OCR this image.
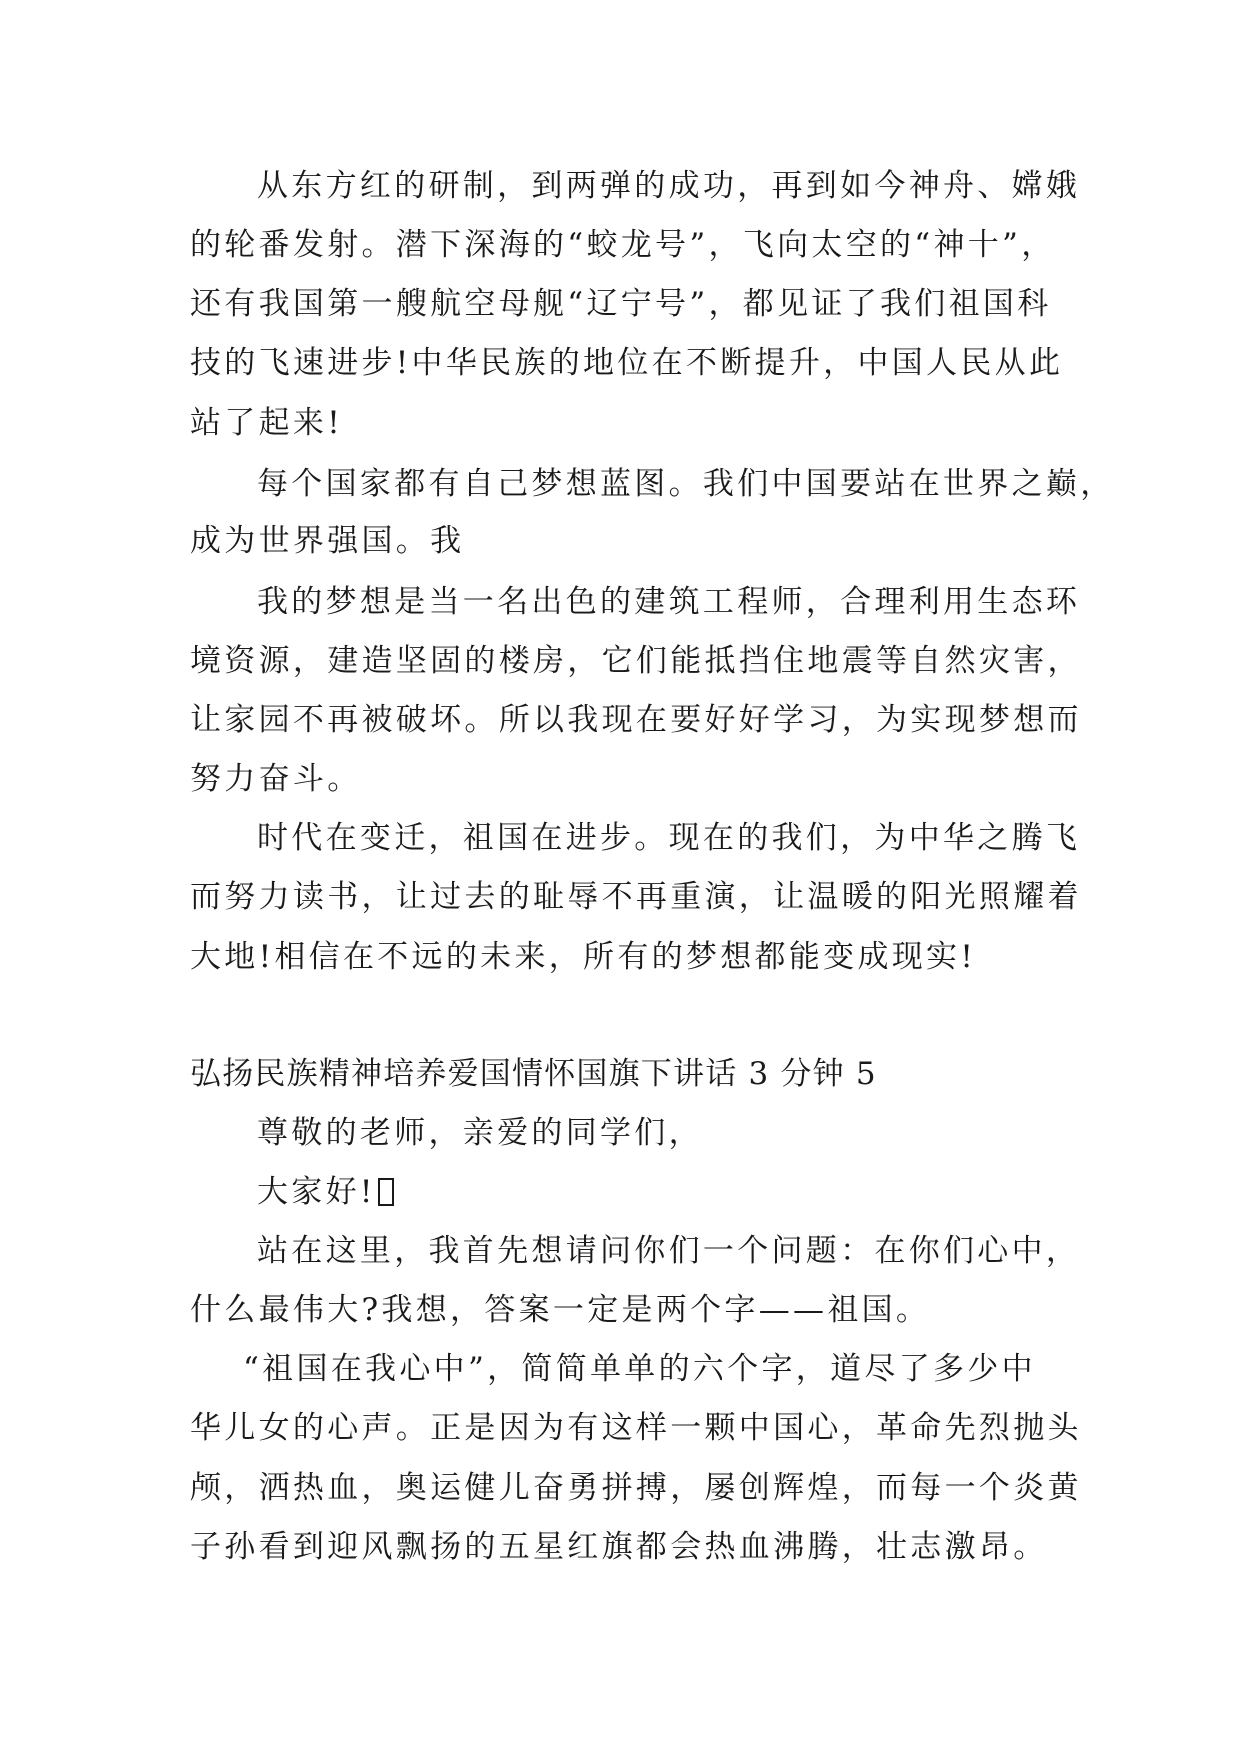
从东方红的研制，到两弹的成功，再到如今神舟、嫦娥
的轮番发射。潜下深海的“蛟龙号”，飞向太空的“神十”，
还有我国第一艘航空母舰“辽宁号”，都见证了我们祖国科
技的飞速进步!中华民族的地位在不断提升，中国人民从此
站了起来!
每个国家都有自己梦想蓝图。我们中国要站在世界之巅，
成为世界强国。我
我的梦想是当一名出色的建筑工程师，合理利用生态环
境资源，建造坚固的楼房，它们能抵挡住地震等自然灾害，
让家园不再被破坏。所以我现在要好好学习，为实现梦想而
努力奋斗。
时代在变迁，祖国在进步。现在的我们，为中华之腾飞
而努力读书，让过去的耻辱不再重演，让温暖的阳光照耀着
大地!相信在不远的未来，所有的梦想都能变成现实!
弘扬民族精神培养爱国情怀国旗下讲话 3 分钟 5
尊敬的老师，亲爱的同学们，
大家好!
站在这里，我首先想请问你们一个问题：在你们心中，
什么最伟大?我想，答案一定是两个字——祖国。
“祖国在我心中”，简简单单的六个字，道尽了多少中
华儿女的心声。正是因为有这样一颗中国心，革命先烈抛头
颅，洒热血，奥运健儿奋勇拼搏，屡创辉煌，而每一个炎黄
子孙看到迎风飘扬的五星红旗都会热血沸腾，壮志激昂。
